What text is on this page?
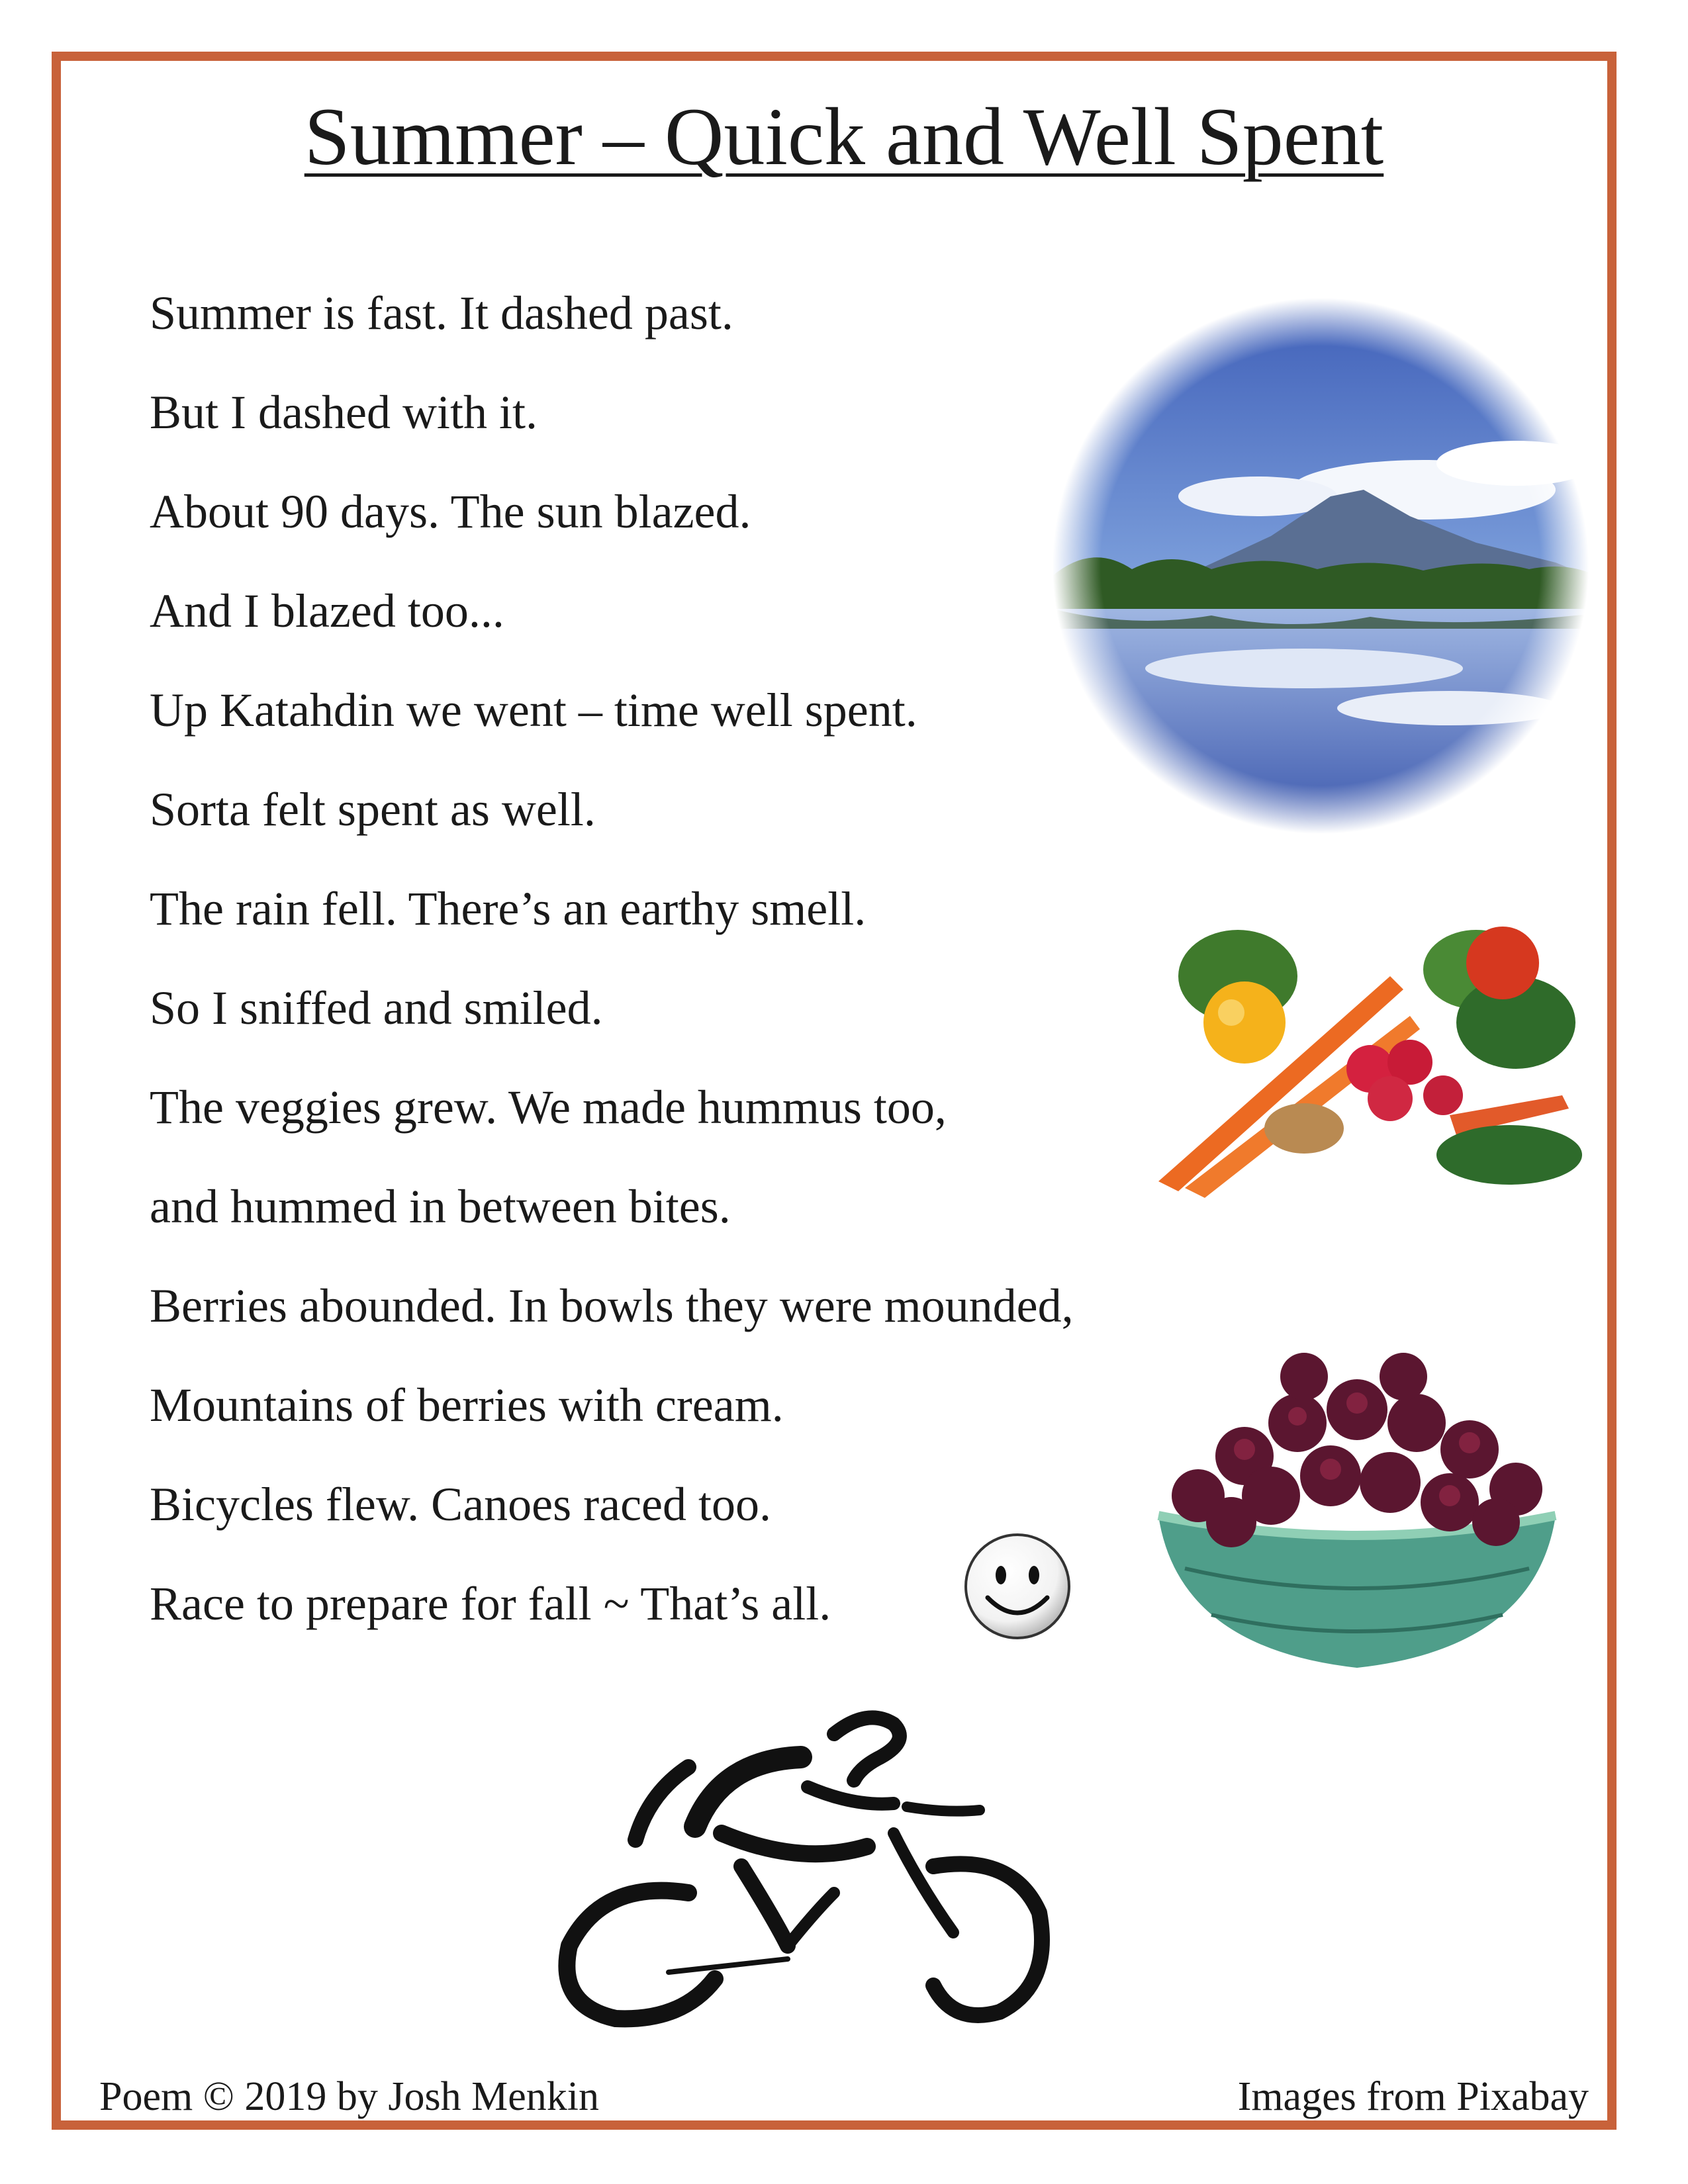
Summer – Quick and Well Spent
Summer is fast. It dashed past.
But I dashed with it.
About 90 days. The sun blazed.
And I blazed too...
Up Katahdin we went – time well spent.
Sorta felt spent as well.
The rain fell. There’s an earthy smell.
So I sniffed and smiled.
The veggies grew. We made hummus too,
and hummed in between bites.
Berries abounded. In bowls they were mounded,
Mountains of berries with cream.
Bicycles flew. Canoes raced too.
Race to prepare for fall ~ That’s all.
Poem © 2019 by Josh Menkin	Images from Pixabay
